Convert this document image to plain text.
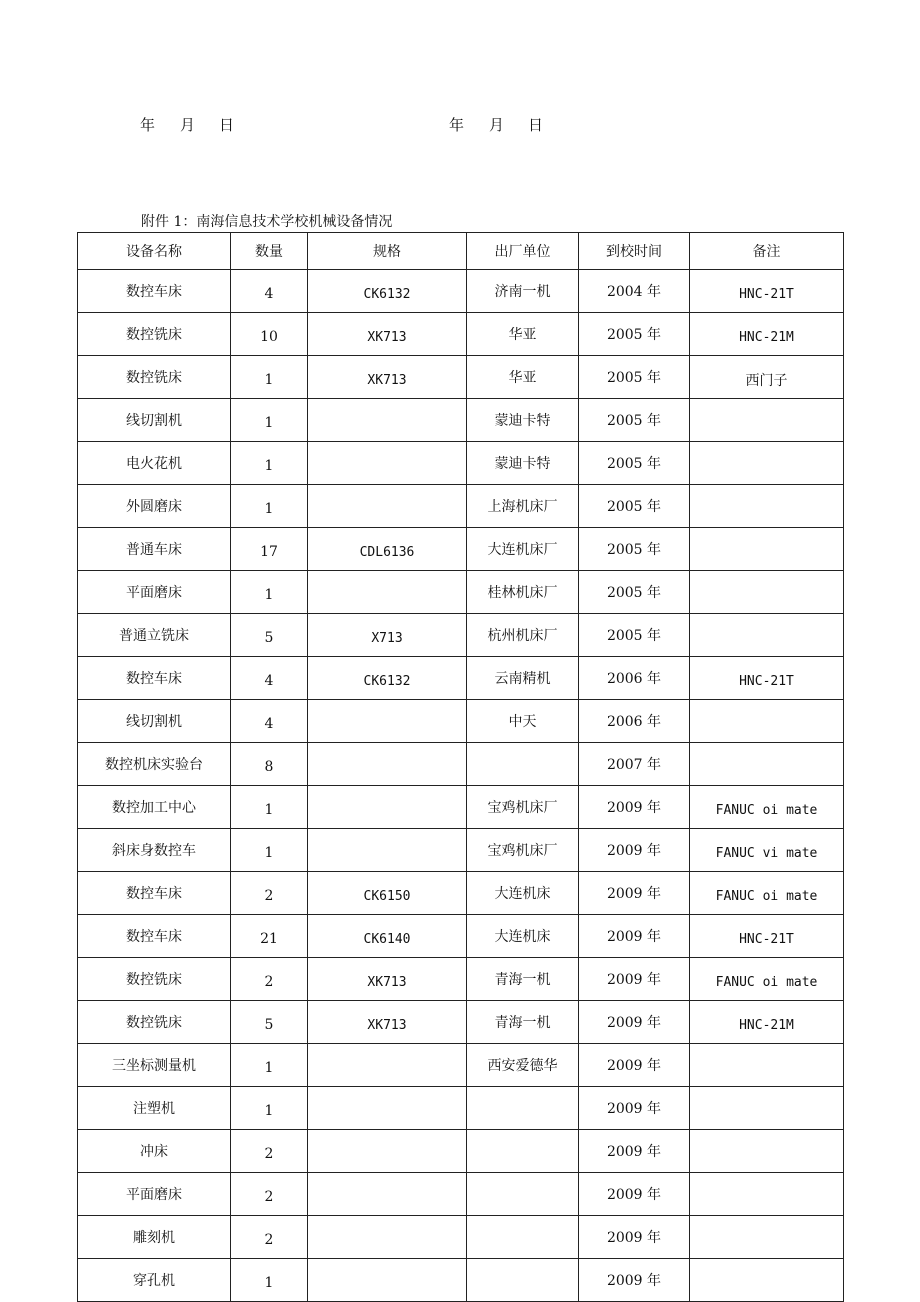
年 月 日	年 月 日
附件 1：南海信息技术学校机械设备情况
设备名称	数量	规格	出厂单位	到校时间	备注
数控车床	4	CK6132	济南一机	2004 年	HNC-21T
数控铣床	10	XK713	华亚	2005 年	HNC-21M
数控铣床	1	XK713	华亚	2005 年	西门子
线切割机	1		蒙迪卡特	2005 年	
电火花机	1		蒙迪卡特	2005 年	
外圆磨床	1		上海机床厂	2005 年	
普通车床	17	CDL6136	大连机床厂	2005 年	
平面磨床	1		桂林机床厂	2005 年	
普通立铣床	5	X713	杭州机床厂	2005 年	
数控车床	4	CK6132	云南精机	2006 年	HNC-21T
线切割机	4		中天	2006 年	
数控机床实验台	8			2007 年	
数控加工中心	1		宝鸡机床厂	2009 年	FANUC oi mate
斜床身数控车	1		宝鸡机床厂	2009 年	FANUC vi mate
数控车床	2	CK6150	大连机床	2009 年	FANUC oi mate
数控车床	21	CK6140	大连机床	2009 年	HNC-21T
数控铣床	2	XK713	青海一机	2009 年	FANUC oi mate
数控铣床	5	XK713	青海一机	2009 年	HNC-21M
三坐标测量机	1		西安爱德华	2009 年	
注塑机	1			2009 年	
冲床	2			2009 年	
平面磨床	2			2009 年	
雕刻机	2			2009 年	
穿孔机	1			2009 年	
